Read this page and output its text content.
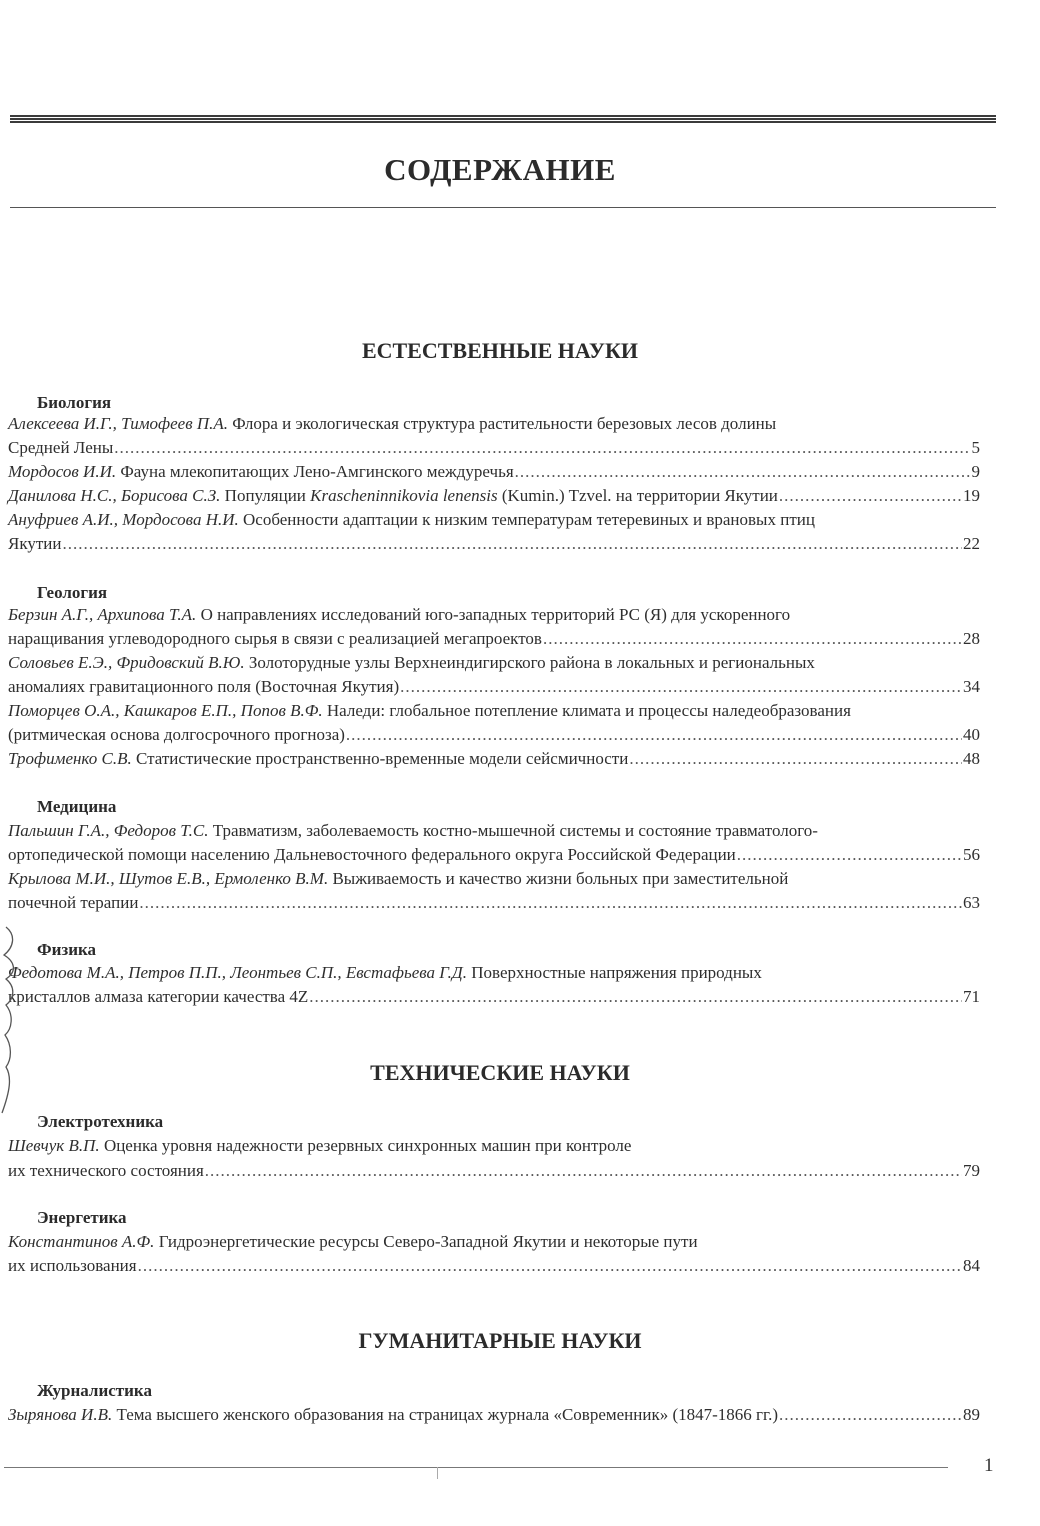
СОДЕРЖАНИЕ
ЕСТЕСТВЕННЫЕ НАУКИ
Биология
Алексеева И.Г., Тимофеев П.А. Флора и экологическая структура растительности березовых лесов долины
Средней Лены .....	5
Мордосов И.И. Фауна млекопитающих Лено-Амгинского междуречья .....	9
Данилова Н.С., Борисова С.З. Популяции Krascheninnikovia lenensis (Kumin.) Tzvel. на территории Якутии .....	19
Ануфриев А.И., Мордосова Н.И. Особенности адаптации к низким температурам тетеревиных и врановых птиц
Якутии .....	22
Геология
Берзин А.Г., Архипова Т.А. О направлениях исследований юго-западных территорий РС (Я) для ускоренного
наращивания углеводородного сырья в связи с реализацией мегапроектов .....	28
Соловьев Е.Э., Фридовский В.Ю. Золоторудные узлы Верхнеиндигирского района в локальных и региональных
аномалиях гравитационного поля (Восточная Якутия) .....	34
Поморцев О.А., Кашкаров Е.П., Попов В.Ф. Наледи: глобальное потепление климата и процессы наледеобразования
(ритмическая основа долгосрочного прогноза) .....	40
Трофименко С.В. Статистические пространственно-временные модели сейсмичности .....	48
Медицина
Пальшин Г.А., Федоров Т.С. Травматизм, заболеваемость костно-мышечной системы и состояние травматолого-
ортопедической помощи населению Дальневосточного федерального округа Российской Федерации .....	56
Крылова М.И., Шутов Е.В., Ермоленко В.М. Выживаемость и качество жизни больных при заместительной
почечной терапии .....	63
Физика
Федотова М.А., Петров П.П., Леонтьев С.П., Евстафьева Г.Д. Поверхностные напряжения природных
кристаллов алмаза категории качества 4Z .....	71
ТЕХНИЧЕСКИЕ НАУКИ
Электротехника
Шевчук В.П. Оценка уровня надежности резервных синхронных машин при контроле
их технического состояния .....	79
Энергетика
Константинов А.Ф. Гидроэнергетические ресурсы Северо-Западной Якутии и некоторые пути
их использования .....	84
ГУМАНИТАРНЫЕ НАУКИ
Журналистика
Зырянова И.В. Тема высшего женского образования на страницах журнала «Современник» (1847-1866 гг.) .....	89
1
